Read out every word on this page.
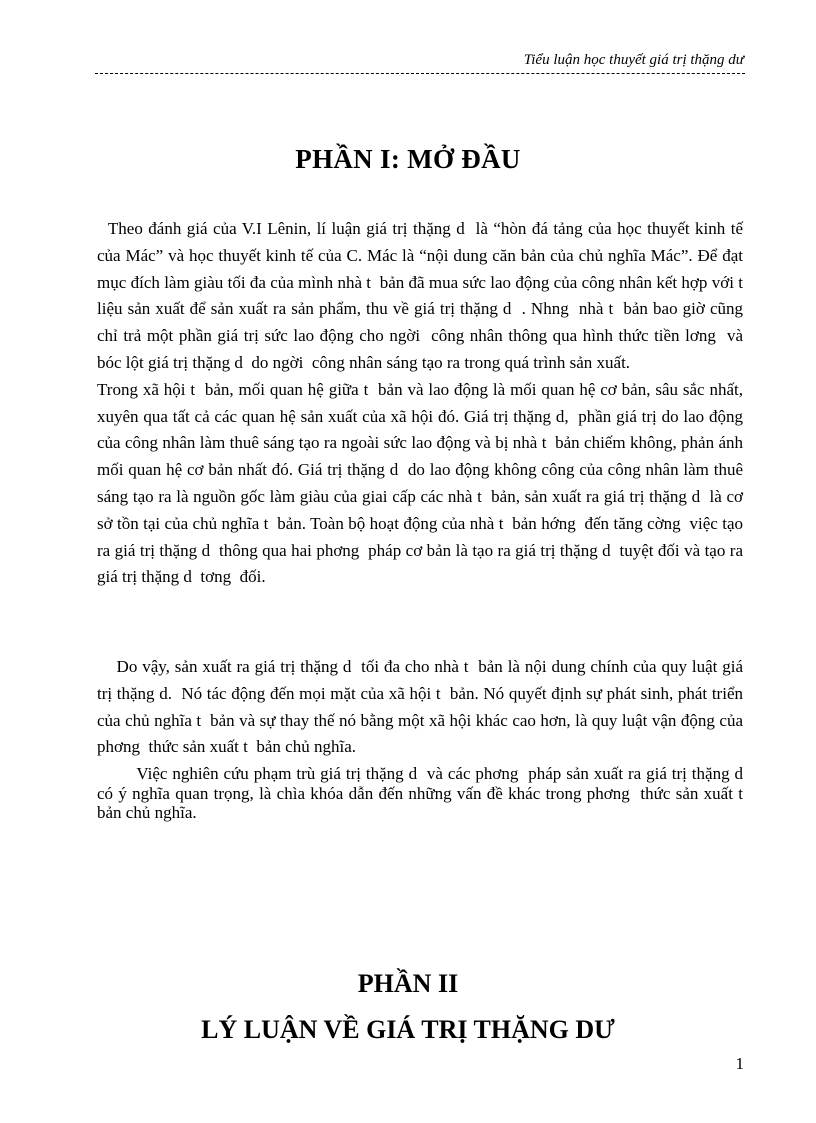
Tiểu luận học thuyết giá trị thặng dư
PHẦN I: MỞ ĐẦU

Theo đánh giá của V.I Lênin, lí luận giá trị thặng d  là “hòn đá tảng của học thuyết kinh tế của Mác” và học thuyết kinh tế của C. Mác là “nội dung căn bản của chủ nghĩa Mác”. Để đạt mục đích làm giàu tối đa của mình nhà t  bản đã mua sức lao động của công nhân kết hợp với t  liệu sản xuất để sản xuất ra sản phẩm, thu về giá trị thặng d  . Nhng  nhà t  bản bao giờ cũng chỉ trả một phần giá trị sức lao động cho ngời  công nhân thông qua hình thức tiền lơng  và bóc lột giá trị thặng d  do ngời  công nhân sáng tạo ra trong quá trình sản xuất.

Trong xã hội t  bản, mối quan hệ giữa t  bản và lao động là mối quan hệ cơ bản, sâu sắc nhất, xuyên qua tất cả các quan hệ sản xuất của xã hội đó. Giá trị thặng d,  phần giá trị do lao động của công nhân làm thuê sáng tạo ra ngoài sức lao động và bị nhà t  bản chiếm không, phản ánh mối quan hệ cơ bản nhất đó. Giá trị thặng d  do lao động không công của công nhân làm thuê sáng tạo ra là nguồn gốc làm giàu của giai cấp các nhà t  bản, sản xuất ra giá trị thặng d  là cơ sở tồn tại của chủ nghĩa t  bản. Toàn bộ hoạt động của nhà t  bản hớng  đến tăng cờng  việc tạo ra giá trị thặng d  thông qua hai phơng  pháp cơ bản là tạo ra giá trị thặng d  tuyệt đối và tạo ra giá trị thặng d  tơng  đối.

Do vậy, sản xuất ra giá trị thặng d  tối đa cho nhà t  bản là nội dung chính của quy luật giá trị thặng d.  Nó tác động đến mọi mặt của xã hội t  bản. Nó quyết định sự phát sinh, phát triển của chủ nghĩa t  bản và sự thay thế nó bằng một xã hội khác cao hơn, là quy luật vận động của phơng  thức sản xuất t  bản chủ nghĩa.

Việc nghiên cứu phạm trù giá trị thặng d  và các phơng  pháp sản xuất ra giá trị thặng d  có ý nghĩa quan trọng, là chìa khóa dẫn đến những vấn đề khác trong phơng  thức sản xuất t  bản chủ nghĩa.

PHẦN II
LÝ LUẬN VỀ GIÁ TRỊ THẶNG DƯ
1
